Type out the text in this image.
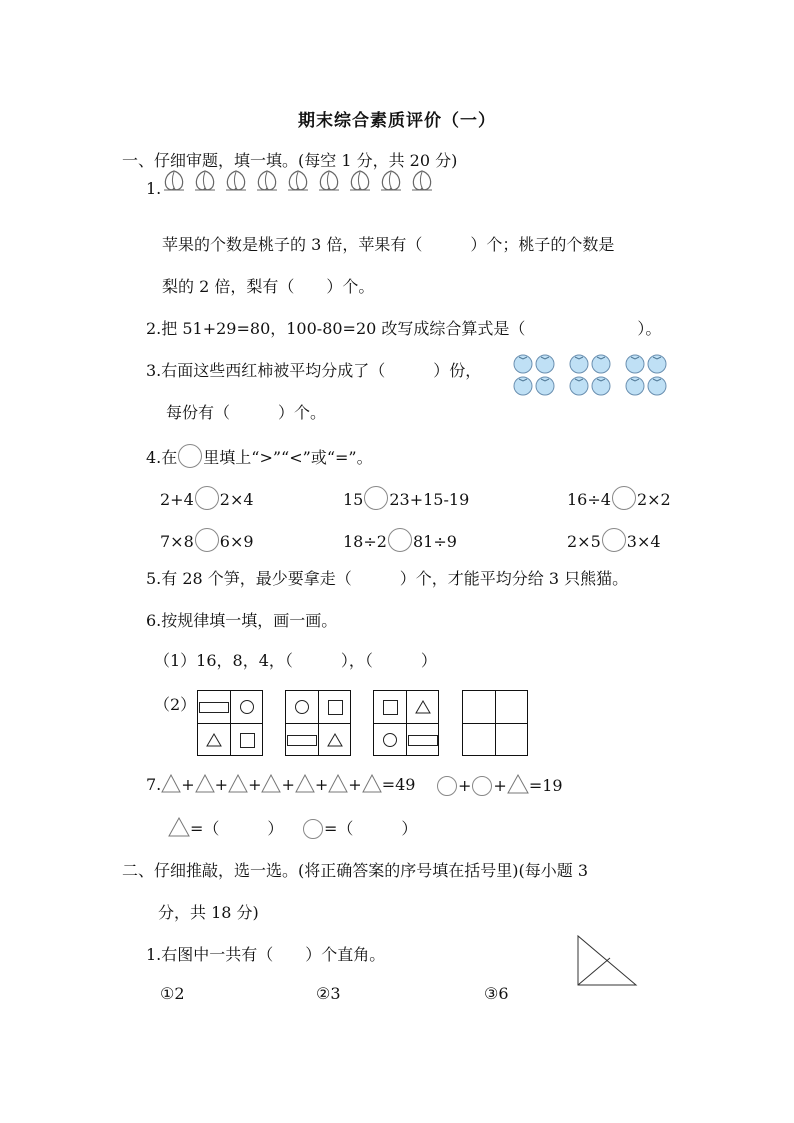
期末综合素质评价（一）
一、仔细审题，填一填。(每空 1 分，共 20 分)
1.
苹果的个数是桃子的 3 倍，苹果有（　　　）个；桃子的个数是
梨的 2 倍，梨有（　　）个。
2.把 51+29=80，100-80=20 改写成综合算式是（　　　　　　　）。
3.右面这些西红柿被平均分成了（　　　）份，
每份有（　　　）个。
4.在 里填上“>”“<”或“=”。
2+4 2×4	15 23+15-19	16÷4 2×2
7×8 6×9	18÷2 81÷9	2×5 3×4
5.有 28 个笋，最少要拿走（　　　）个，才能平均分给 3 只熊猫。
6.按规律填一填，画一画。
（1）16，8，4，（　　　），（　　　）
（2）
7. + + + + + + =49	+ + =19
=（　　　）	=（　　　）
二、仔细推敲，选一选。(将正确答案的序号填在括号里)(每小题 3
分，共 18 分)
1.右图中一共有（　　）个直角。
①2	②3	③6
